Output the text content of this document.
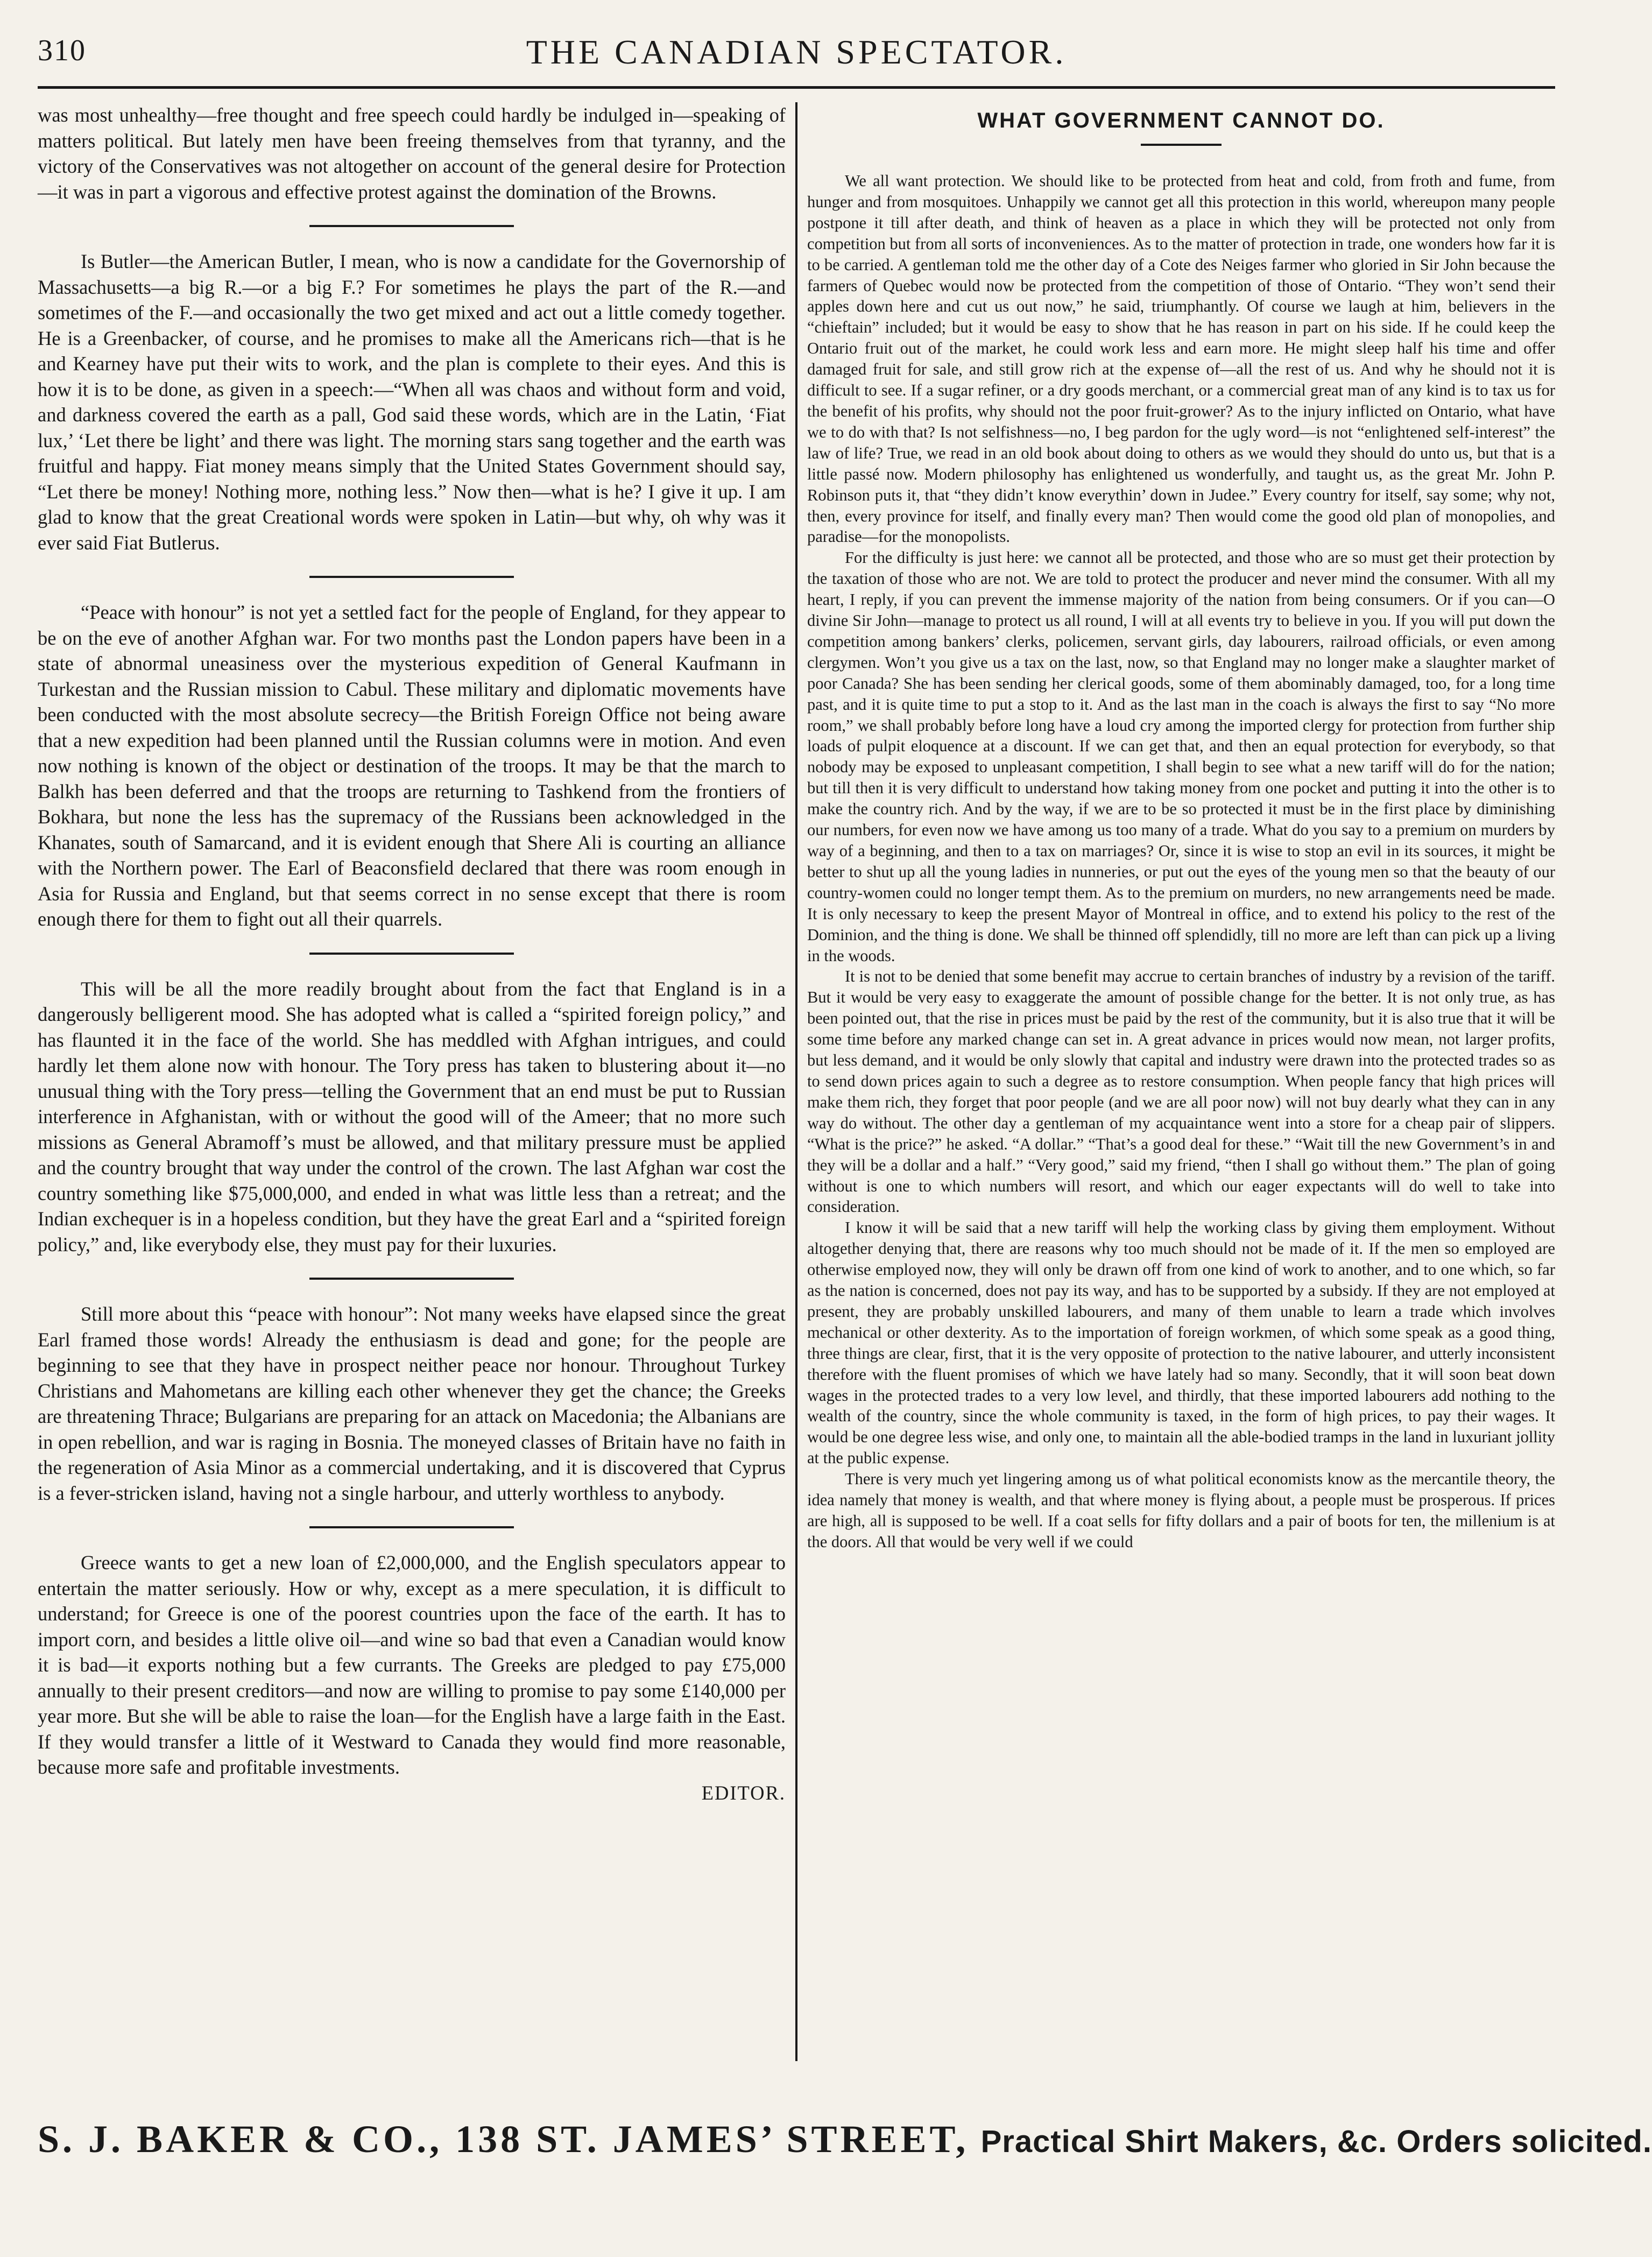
310	THE CANADIAN SPECTATOR.

was most unhealthy—free thought and free speech could hardly be indulged in—speaking of matters political. But lately men have been freeing themselves from that tyranny, and the victory of the Conservatives was not altogether on account of the general desire for Protection—it was in part a vigorous and effective protest against the domination of the Browns.

Is Butler—the American Butler, I mean, who is now a candidate for the Governorship of Massachusetts—a big R.—or a big F.? For sometimes he plays the part of the R.—and sometimes of the F.—and occasionally the two get mixed and act out a little comedy together. He is a Greenbacker, of course, and he promises to make all the Americans rich—that is he and Kearney have put their wits to work, and the plan is complete to their eyes. And this is how it is to be done, as given in a speech:—“When all was chaos and without form and void, and darkness covered the earth as a pall, God said these words, which are in the Latin, ‘Fiat lux,’ ‘Let there be light’ and there was light. The morning stars sang together and the earth was fruitful and happy. Fiat money means simply that the United States Government should say, “Let there be money! Nothing more, nothing less.” Now then—what is he? I give it up. I am glad to know that the great Creational words were spoken in Latin—but why, oh why was it ever said Fiat Butlerus.

“Peace with honour” is not yet a settled fact for the people of England, for they appear to be on the eve of another Afghan war. For two months past the London papers have been in a state of abnormal uneasiness over the mysterious expedition of General Kaufmann in Turkestan and the Russian mission to Cabul. These military and diplomatic movements have been conducted with the most absolute secrecy—the British Foreign Office not being aware that a new expedition had been planned until the Russian columns were in motion. And even now nothing is known of the object or destination of the troops. It may be that the march to Balkh has been deferred and that the troops are returning to Tashkend from the frontiers of Bokhara, but none the less has the supremacy of the Russians been acknowledged in the Khanates, south of Samarcand, and it is evident enough that Shere Ali is courting an alliance with the Northern power. The Earl of Beaconsfield declared that there was room enough in Asia for Russia and England, but that seems correct in no sense except that there is room enough there for them to fight out all their quarrels.

This will be all the more readily brought about from the fact that England is in a dangerously belligerent mood. She has adopted what is called a “spirited foreign policy,” and has flaunted it in the face of the world. She has meddled with Afghan intrigues, and could hardly let them alone now with honour. The Tory press has taken to blustering about it—no unusual thing with the Tory press—telling the Government that an end must be put to Russian interference in Afghanistan, with or without the good will of the Ameer; that no more such missions as General Abramoff’s must be allowed, and that military pressure must be applied and the country brought that way under the control of the crown. The last Afghan war cost the country something like $75,000,000, and ended in what was little less than a retreat; and the Indian exchequer is in a hopeless condition, but they have the great Earl and a “spirited foreign policy,” and, like everybody else, they must pay for their luxuries.

Still more about this “peace with honour”: Not many weeks have elapsed since the great Earl framed those words! Already the enthusiasm is dead and gone; for the people are beginning to see that they have in prospect neither peace nor honour. Throughout Turkey Christians and Mahometans are killing each other whenever they get the chance; the Greeks are threatening Thrace; Bulgarians are preparing for an attack on Macedonia; the Albanians are in open rebellion, and war is raging in Bosnia. The moneyed classes of Britain have no faith in the regeneration of Asia Minor as a commercial undertaking, and it is discovered that Cyprus is a fever-stricken island, having not a single harbour, and utterly worthless to anybody.

Greece wants to get a new loan of £2,000,000, and the English speculators appear to entertain the matter seriously. How or why, except as a mere speculation, it is difficult to understand; for Greece is one of the poorest countries upon the face of the earth. It has to import corn, and besides a little olive oil—and wine so bad that even a Canadian would know it is bad—it exports nothing but a few currants. The Greeks are pledged to pay £75,000 annually to their present creditors—and now are willing to promise to pay some £140,000 per year more. But she will be able to raise the loan—for the English have a large faith in the East. If they would transfer a little of it Westward to Canada they would find more reasonable, because more safe and profitable investments.

EDITOR.

WHAT GOVERNMENT CANNOT DO.

We all want protection. We should like to be protected from heat and cold, from froth and fume, from hunger and from mosquitoes. Unhappily we cannot get all this protection in this world, whereupon many people postpone it till after death, and think of heaven as a place in which they will be protected not only from competition but from all sorts of inconveniences. As to the matter of protection in trade, one wonders how far it is to be carried. A gentleman told me the other day of a Cote des Neiges farmer who gloried in Sir John because the farmers of Quebec would now be protected from the competition of those of Ontario. “They won’t send their apples down here and cut us out now,” he said, triumphantly. Of course we laugh at him, believers in the “chieftain” included; but it would be easy to show that he has reason in part on his side. If he could keep the Ontario fruit out of the market, he could work less and earn more. He might sleep half his time and offer damaged fruit for sale, and still grow rich at the expense of—all the rest of us. And why he should not it is difficult to see. If a sugar refiner, or a dry goods merchant, or a commercial great man of any kind is to tax us for the benefit of his profits, why should not the poor fruit-grower? As to the injury inflicted on Ontario, what have we to do with that? Is not selfishness—no, I beg pardon for the ugly word—is not “enlightened self-interest” the law of life? True, we read in an old book about doing to others as we would they should do unto us, but that is a little passé now. Modern philosophy has enlightened us wonderfully, and taught us, as the great Mr. John P. Robinson puts it, that “they didn’t know everythin’ down in Judee.” Every country for itself, say some; why not, then, every province for itself, and finally every man? Then would come the good old plan of monopolies, and paradise—for the monopolists.

For the difficulty is just here: we cannot all be protected, and those who are so must get their protection by the taxation of those who are not. We are told to protect the producer and never mind the consumer. With all my heart, I reply, if you can prevent the immense majority of the nation from being consumers. Or if you can—O divine Sir John—manage to protect us all round, I will at all events try to believe in you. If you will put down the competition among bankers’ clerks, policemen, servant girls, day labourers, railroad officials, or even among clergymen. Won’t you give us a tax on the last, now, so that England may no longer make a slaughter market of poor Canada? She has been sending her clerical goods, some of them abominably damaged, too, for a long time past, and it is quite time to put a stop to it. And as the last man in the coach is always the first to say “No more room,” we shall probably before long have a loud cry among the imported clergy for protection from further ship loads of pulpit eloquence at a discount. If we can get that, and then an equal protection for everybody, so that nobody may be exposed to unpleasant competition, I shall begin to see what a new tariff will do for the nation; but till then it is very difficult to understand how taking money from one pocket and putting it into the other is to make the country rich. And by the way, if we are to be so protected it must be in the first place by diminishing our numbers, for even now we have among us too many of a trade. What do you say to a premium on murders by way of a beginning, and then to a tax on marriages? Or, since it is wise to stop an evil in its sources, it might be better to shut up all the young ladies in nunneries, or put out the eyes of the young men so that the beauty of our country-women could no longer tempt them. As to the premium on murders, no new arrangements need be made. It is only necessary to keep the present Mayor of Montreal in office, and to extend his policy to the rest of the Dominion, and the thing is done. We shall be thinned off splendidly, till no more are left than can pick up a living in the woods.

It is not to be denied that some benefit may accrue to certain branches of industry by a revision of the tariff. But it would be very easy to exaggerate the amount of possible change for the better. It is not only true, as has been pointed out, that the rise in prices must be paid by the rest of the community, but it is also true that it will be some time before any marked change can set in. A great advance in prices would now mean, not larger profits, but less demand, and it would be only slowly that capital and industry were drawn into the protected trades so as to send down prices again to such a degree as to restore consumption. When people fancy that high prices will make them rich, they forget that poor people (and we are all poor now) will not buy dearly what they can in any way do without. The other day a gentleman of my acquaintance went into a store for a cheap pair of slippers. “What is the price?” he asked. “A dollar.” “That’s a good deal for these.” “Wait till the new Government’s in and they will be a dollar and a half.” “Very good,” said my friend, “then I shall go without them.” The plan of going without is one to which numbers will resort, and which our eager expectants will do well to take into consideration.

I know it will be said that a new tariff will help the working class by giving them employment. Without altogether denying that, there are reasons why too much should not be made of it. If the men so employed are otherwise employed now, they will only be drawn off from one kind of work to another, and to one which, so far as the nation is concerned, does not pay its way, and has to be supported by a subsidy. If they are not employed at present, they are probably unskilled labourers, and many of them unable to learn a trade which involves mechanical or other dexterity. As to the importation of foreign workmen, of which some speak as a good thing, three things are clear, first, that it is the very opposite of protection to the native labourer, and utterly inconsistent therefore with the fluent promises of which we have lately had so many. Secondly, that it will soon beat down wages in the protected trades to a very low level, and thirdly, that these imported labourers add nothing to the wealth of the country, since the whole community is taxed, in the form of high prices, to pay their wages. It would be one degree less wise, and only one, to maintain all the able-bodied tramps in the land in luxuriant jollity at the public expense.

There is very much yet lingering among us of what political economists know as the mercantile theory, the idea namely that money is wealth, and that where money is flying about, a people must be prosperous. If prices are high, all is supposed to be well. If a coat sells for fifty dollars and a pair of boots for ten, the millenium is at the doors. All that would be very well if we could

S. J. BAKER & CO., 138 ST. JAMES’ STREET, Practical Shirt Makers, &c. Orders solicited.
